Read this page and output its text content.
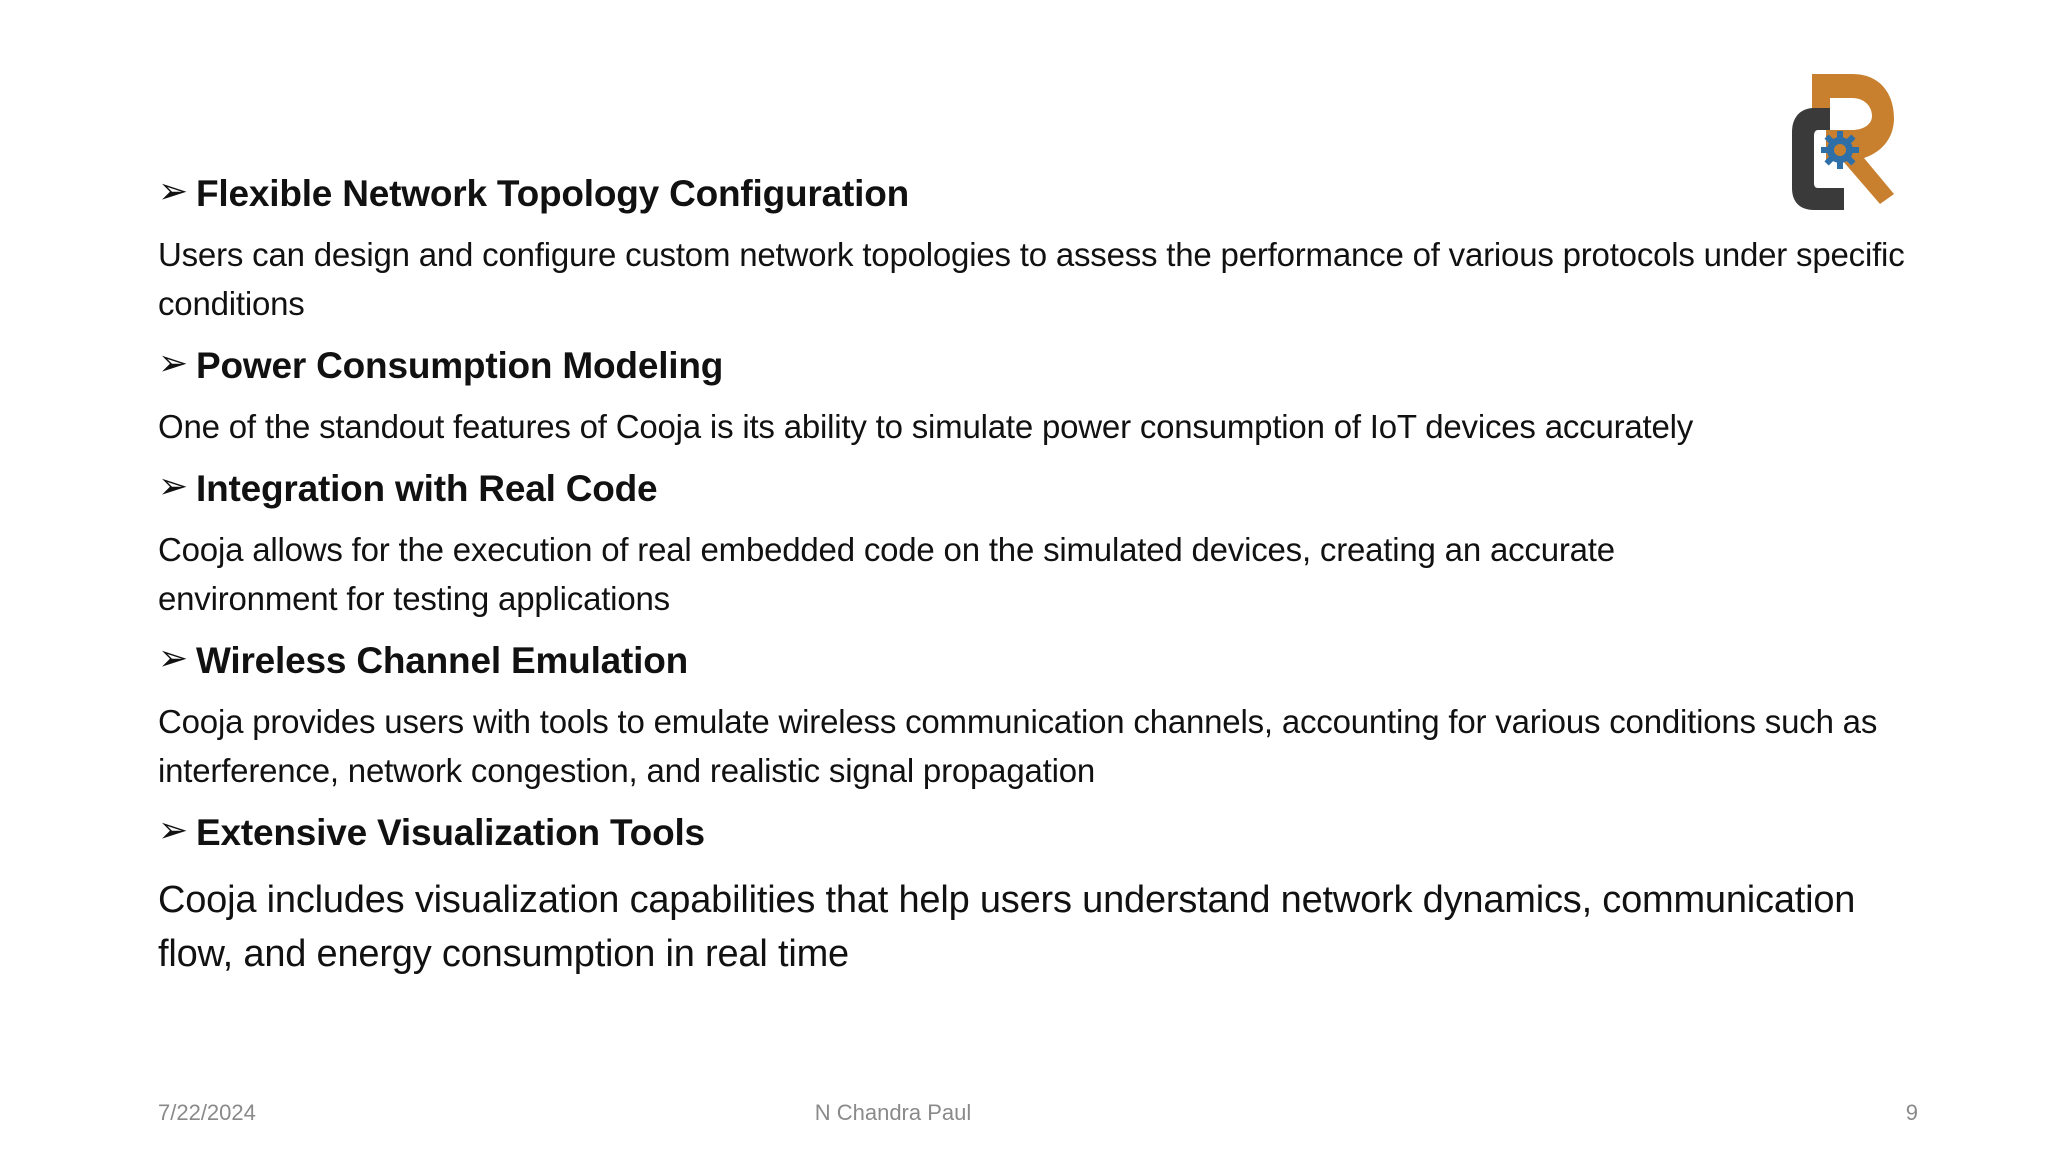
➢ Flexible Network Topology Configuration
Users can design and configure custom network topologies to assess the performance of various protocols under specific conditions
➢ Power Consumption Modeling
One of the standout features of Cooja is its ability to simulate power consumption of IoT devices accurately
➢ Integration with Real Code
Cooja allows for the execution of real embedded code on the simulated devices, creating an accurate environment for testing applications
➢ Wireless Channel Emulation
Cooja provides users with tools to emulate wireless communication channels, accounting for various conditions such as interference, network congestion, and realistic signal propagation
➢ Extensive Visualization Tools
Cooja includes visualization capabilities that help users understand network dynamics, communication flow, and energy consumption in real time
7/22/2024	N Chandra Paul	9
